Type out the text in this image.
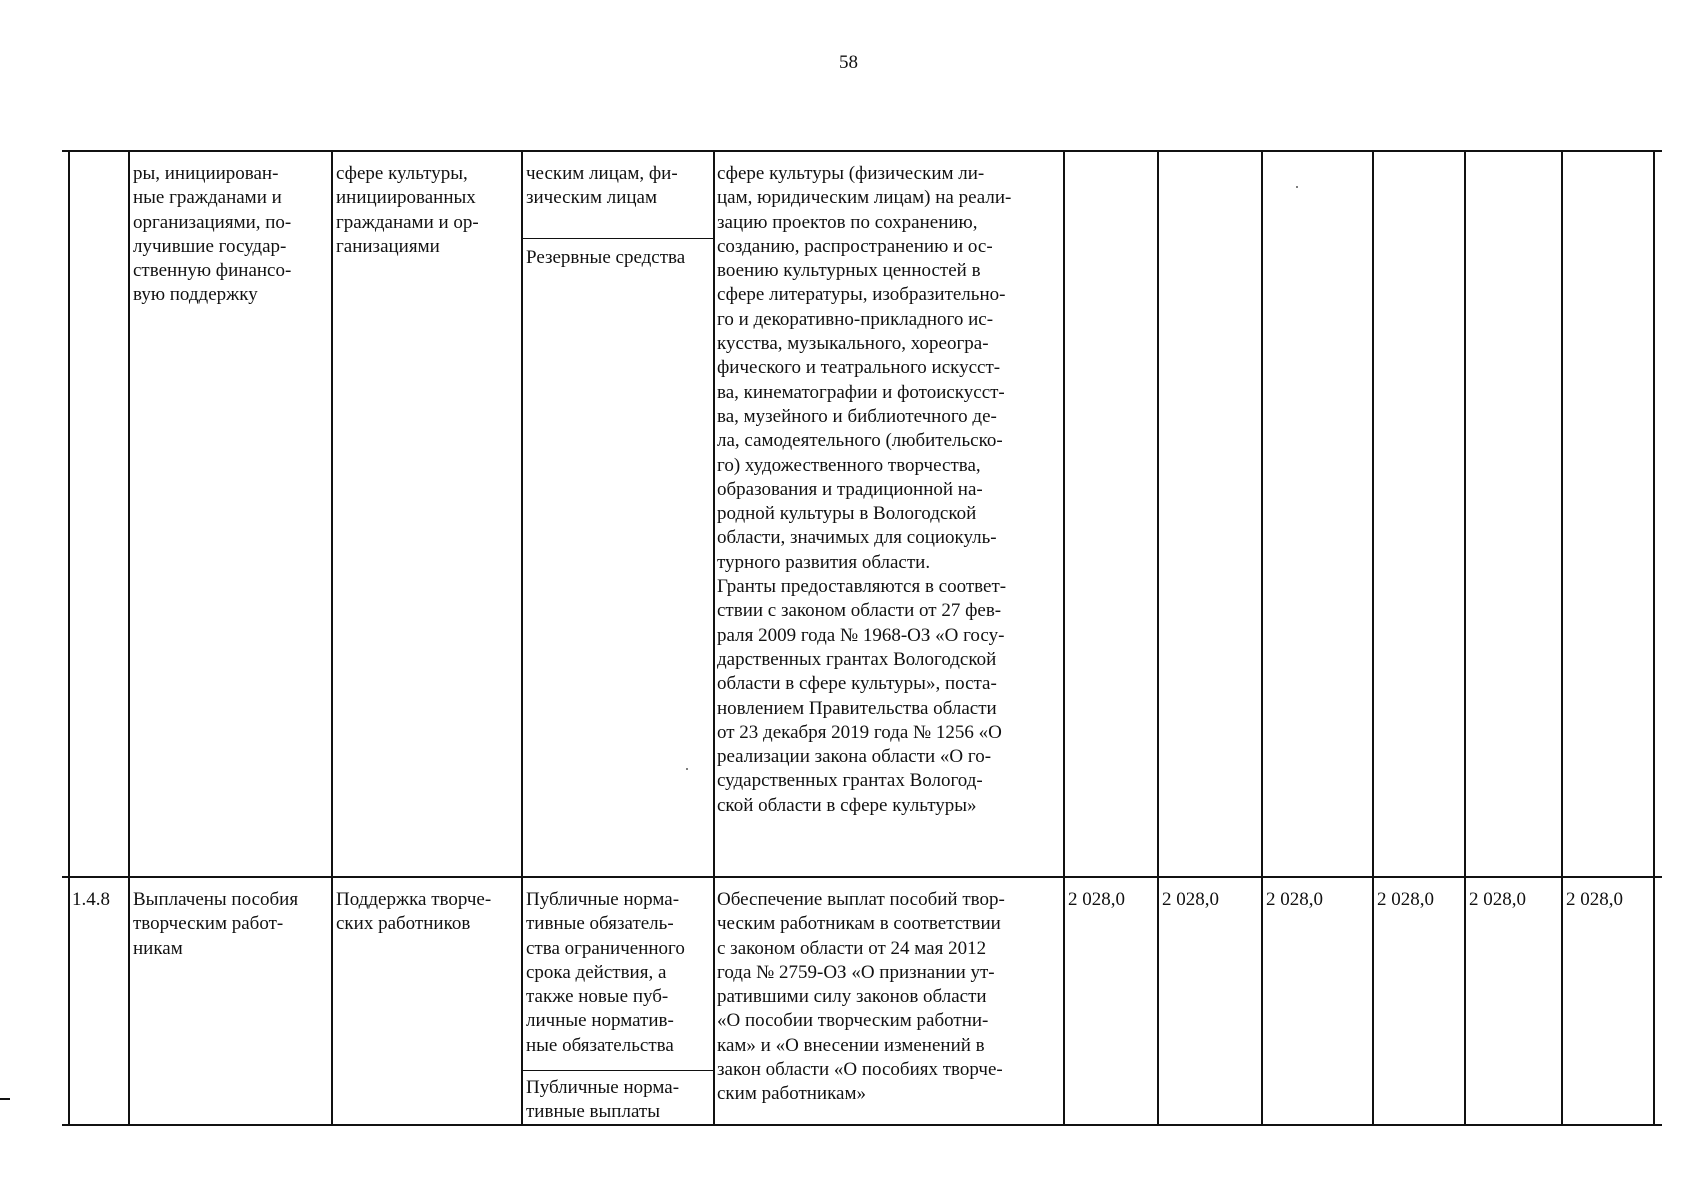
58
ры, инициирован-
ные гражданами и
организациями, по-
лучившие государ-
ственную финансо-
вую поддержку
сфере культуры,
инициированных
гражданами и ор-
ганизациями
ческим лицам, фи-
зическим лицам
Резервные средства
сфере культуры (физическим ли-
цам, юридическим лицам) на реали-
зацию проектов по сохранению,
созданию, распространению и ос-
воению культурных ценностей в
сфере литературы, изобразительно-
го и декоративно-прикладного ис-
кусства, музыкального, хореогра-
фического и театрального искусст-
ва, кинематографии и фотоискусст-
ва, музейного и библиотечного де-
ла, самодеятельного (любительско-
го) художественного творчества,
образования и традиционной на-
родной культуры в Вологодской
области, значимых для социокуль-
турного развития области.
Гранты предоставляются в соответ-
ствии с законом области от 27 фев-
раля 2009 года № 1968-ОЗ «О госу-
дарственных грантах Вологодской
области в сфере культуры», поста-
новлением Правительства области
от 23 декабря 2019 года № 1256 «О
реализации закона области «О го-
сударственных грантах Вологод-
ской области в сфере культуры»
1.4.8 Выплачены пособия
творческим работ-
никам
Поддержка творче-
ских работников
Публичные норма-
тивные обязатель-
ства ограниченного
срока действия, а
также новые пуб-
личные норматив-
ные обязательства
Публичные норма-
тивные выплаты
Обеспечение выплат пособий твор-
ческим работникам в соответствии
с законом области от 24 мая 2012
года № 2759-ОЗ «О признании ут-
ратившими силу законов области
«О пособии творческим работни-
кам» и «О внесении изменений в
закон области «О пособиях творче-
ским работникам»
2 028,0 2 028,0 2 028,0	2 028,0 2 028,0 2 028,0
